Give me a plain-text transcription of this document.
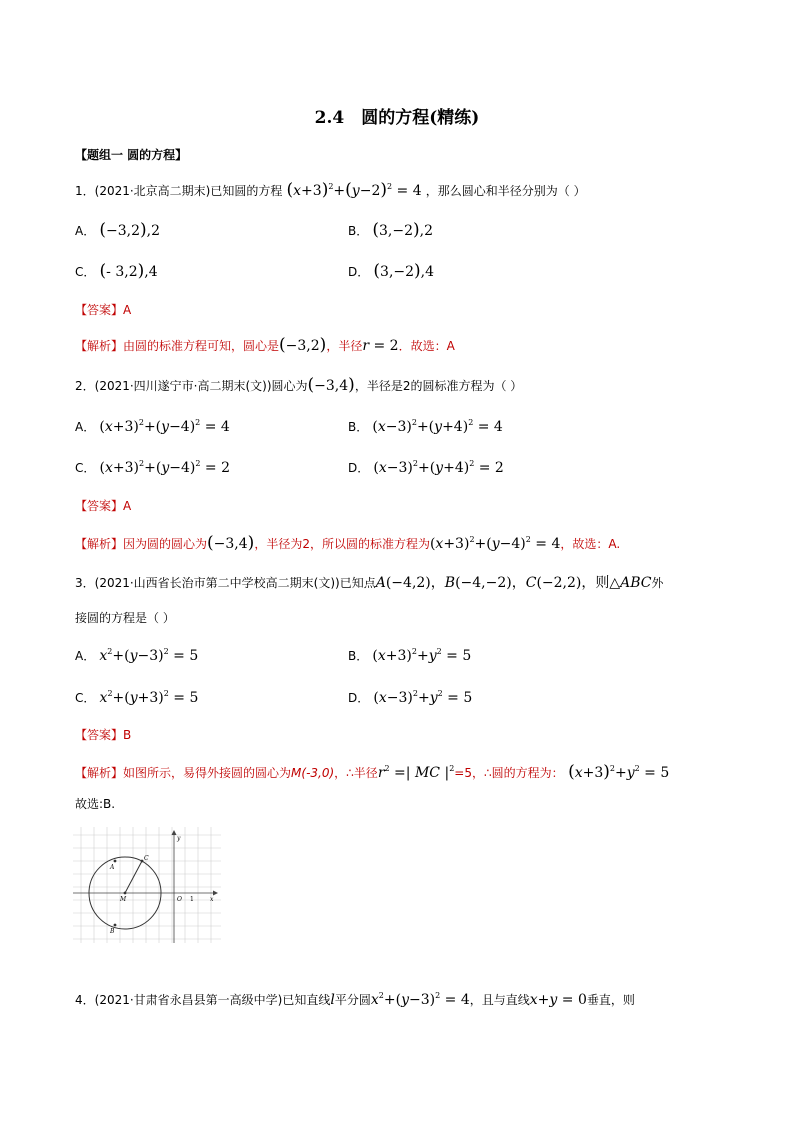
2.4　圆的方程(精练)
【题组一 圆的方程】
1．(2021·北京高二期末)已知圆的方程 $(x+3)^2+(y-2)^2 = 4$ ，那么圆心和半径分别为（ ）
A． (−3,2),2	B． (3,−2),2
C． (- 3,2),4	D． (3,−2),4
【答案】A
【解析】由圆的标准方程可知，圆心是(−3,2)，半径r = 2．故选：A
2．(2021·四川遂宁市·高二期末(文))圆心为(−3,4)，半径是2的圆标准方程为（ ）
A． $(x+3)^2+(y-4)^2 = 4$	B． $(x-3)^2+(y+4)^2 = 4$
C． $(x+3)^2+(y-4)^2 = 2$	D． $(x-3)^2+(y+4)^2 = 2$
【答案】A
【解析】因为圆的圆心为(−3,4)，半径为2，所以圆的标准方程为$(x+3)^2+(y-4)^2 = 4$，故选：A.
3．(2021·山西省长治市第二中学校高二期末(文))已知点A(−4,2)，B(−4,−2)，C(−2,2)，则△ABC外
接圆的方程是（ ）
A． $x^2+(y-3)^2 = 5$	B． $(x+3)^2+y^2 = 5$
C． $x^2+(y+3)^2 = 5$	D． $(x-3)^2+y^2 = 5$
【答案】B
【解析】如图所示，易得外接圆的圆心为M(-3,0)，∴半径$r^2$ =| MC $|^2=5$，∴圆的方程为： $(x+3)^2+y^2 = 5$
故选:B.
A
B
C
M	O 1	x
y
4．(2021·甘肃省永昌县第一高级中学)已知直线l平分圆$x^2+(y-3)^2 = 4$，且与直线x+y = 0垂直，则
